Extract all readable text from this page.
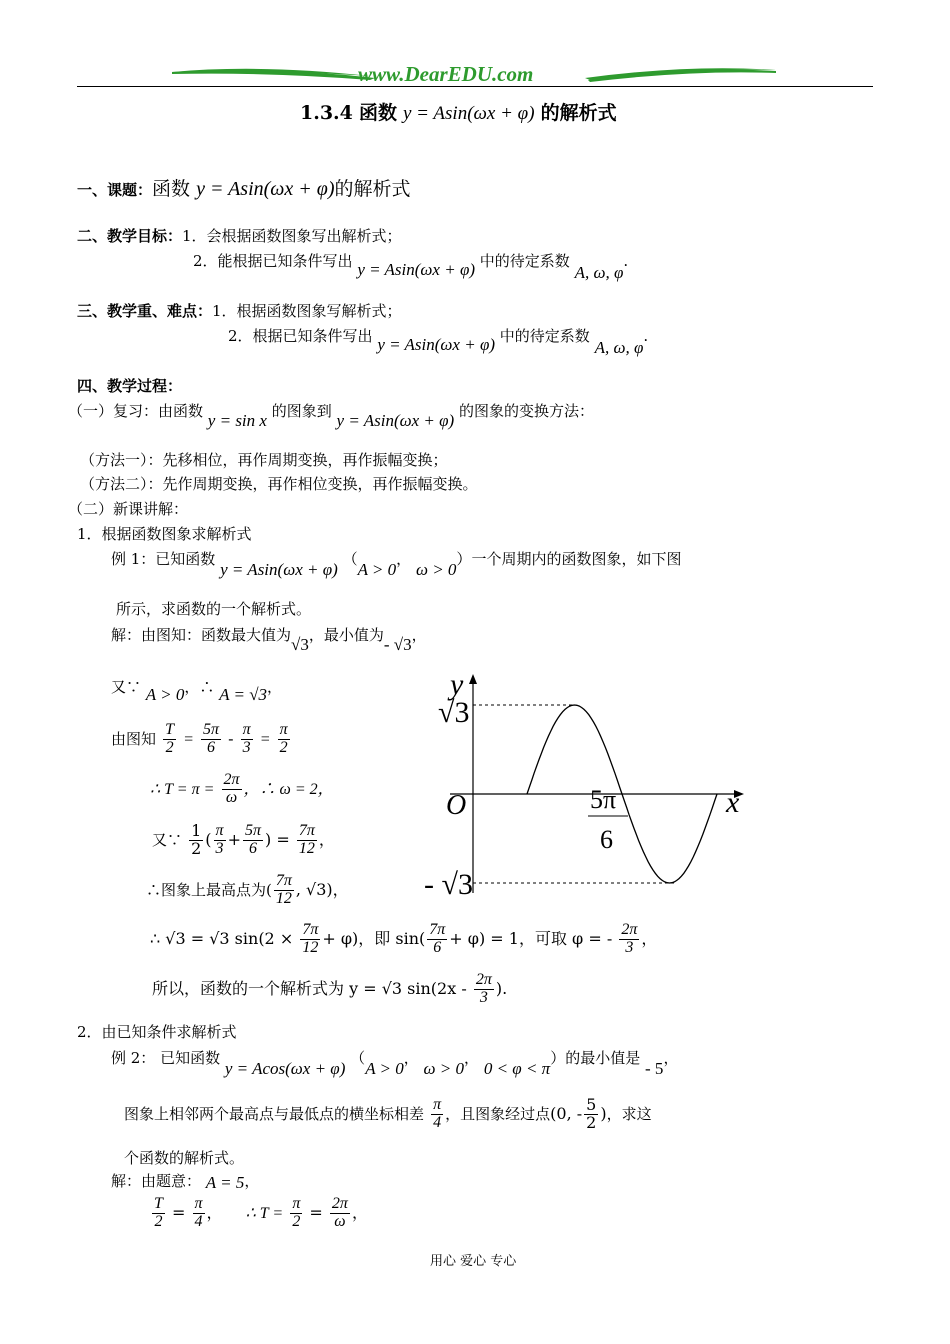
www.DearEDU.com
1.3.4 函数 y = Asin(ωx + φ) 的解析式
一、课题：函数 y = Asin(ωx + φ)的解析式
二、教学目标：1．会根据函数图象写出解析式；
2．能根据已知条件写出 y = Asin(ωx + φ) 中的待定系数 A, ω, φ.
三、教学重、难点：1．根据函数图象写解析式；
2．根据已知条件写出 y = Asin(ωx + φ) 中的待定系数 A, ω, φ.
四、教学过程：
（一）复习：由函数 y = sin x 的图象到 y = Asin(ωx + φ) 的图象的变换方法：
（方法一）：先移相位，再作周期变换，再作振幅变换；
（方法二）：先作周期变换，再作相位变换，再作振幅变换。
（二）新课讲解：
1．根据函数图象求解析式
例 1：已知函数 y = Asin(ωx + φ) （A > 0， ω > 0）一个周期内的函数图象，如下图
所示，求函数的一个解析式。
解：由图知：函数最大值为√3，最小值为- √3，
又∵ A > 0，∴ A = √3，
由图知 $\frac{T}{2} = \frac{5\pi}{6} - \frac{\pi}{3} = \frac{\pi}{2}$
∴ $T = \pi = \frac{2\pi}{\omega}$ ，∴ ω = 2，
又∵ $\frac{1}{2}$ ( $\frac{\pi}{3} + \frac{5\pi}{6}$ ) = $\frac{7\pi}{12}$ ，
∴图象上最高点为( $\frac{7\pi}{12}$ , √3)，
∴ √3 = √3 $\sin(2 \times \frac{7\pi}{12} + \varphi)$，即 $\sin( \frac{7\pi}{6} + \varphi) = 1$，可取 φ = - $\frac{2\pi}{3}$ ，
所以，函数的一个解析式为 y = √3 $\sin(2x - \frac{2\pi}{3}$ ).
y
x
O
√3
- √3
5π
6
2．由已知条件求解析式
例 2： 已知函数 y = Acos(ωx + φ) （A > 0， ω > 0， 0 < φ < π）的最小值是 - 5，
图象上相邻两个最高点与最低点的横坐标相差 $\frac{\pi}{4}$ ，且图象经过点(0, - $\frac{5}{2}$ )，求这
个函数的解析式。
解：由题意： A = 5，
$\frac{T}{2} = \frac{\pi}{4}$ ， ∴ $T = \frac{\pi}{2} = \frac{2\pi}{\omega}$ ，
用心 爱心 专心
